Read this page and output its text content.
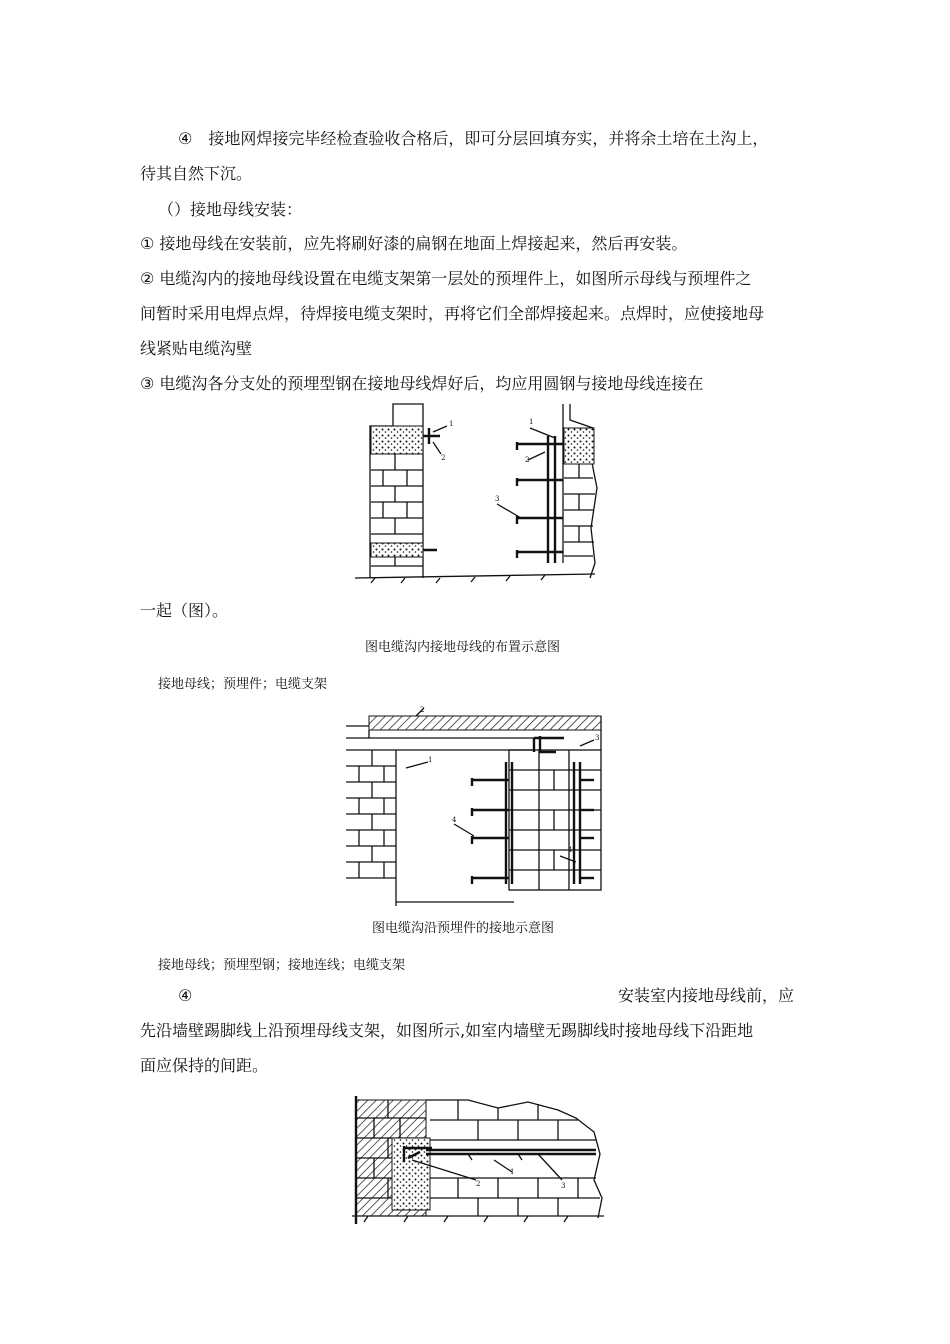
④　接地网焊接完毕经检查验收合格后，即可分层回填夯实，并将余土培在土沟上，
待其自然下沉。
（）接地母线安装：
① 接地母线在安装前，应先将刷好漆的扁钢在地面上焊接起来，然后再安装。
② 电缆沟内的接地母线设置在电缆支架第一层处的预埋件上，如图所示母线与预埋件之
间暂时采用电焊点焊，待焊接电缆支架时，再将它们全部焊接起来。点焊时，应使接地母
线紧贴电缆沟壁
③ 电缆沟各分支处的预埋型钢在接地母线焊好后，均应用圆钢与接地母线连接在
1
2
1
2
3
一起（图）。
图电缆沟内接地母线的布置示意图
接地母线；预埋件；电缆支架
2
3
1
4
4
图电缆沟沿预埋件的接地示意图
接地母线；预埋型钢；接地连线；电缆支架
④	安装室内接地母线前，应
先沿墙壁踢脚线上沿预埋母线支架，如图所示,如室内墙壁无踢脚线时接地母线下沿距地
面应保持的间距。
2
1
3
